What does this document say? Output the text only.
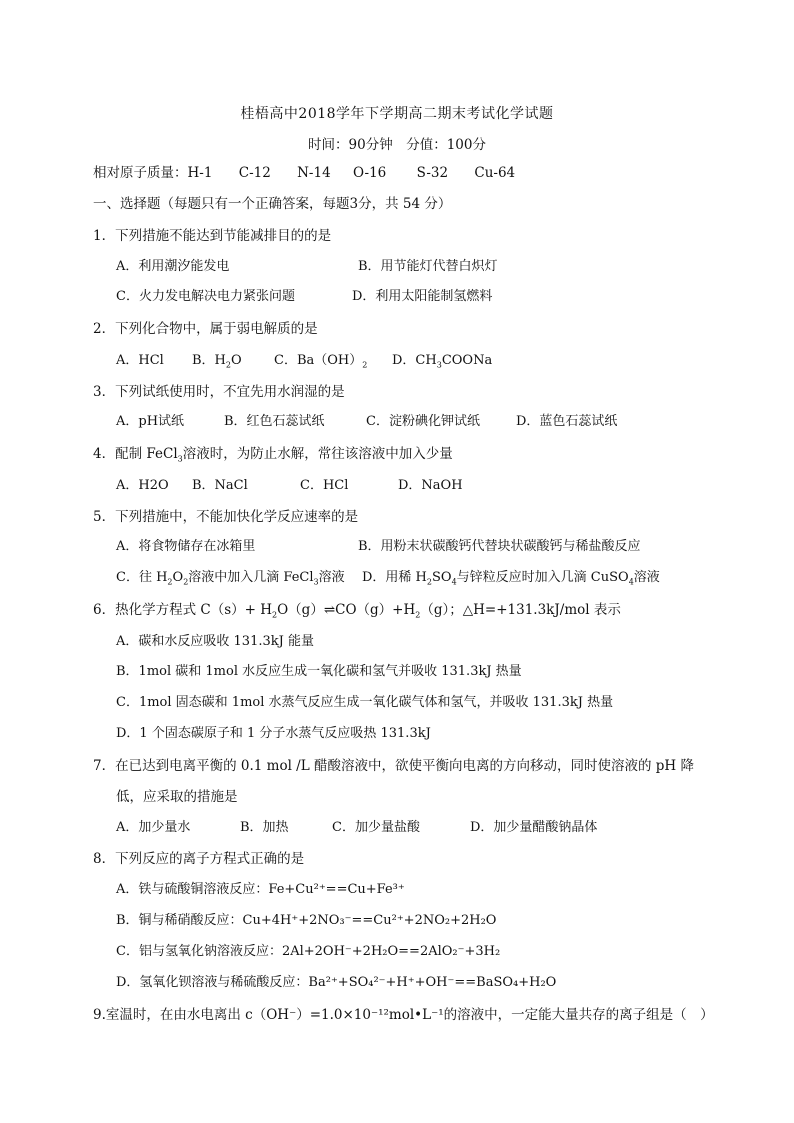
桂梧高中2018学年下学期高二期末考试化学试题
时间：90分钟　分值：100分
相对原子质量：H-1 C-12 N-14 O-16 S-32 Cu-64
一、选择题（每题只有一个正确答案，每题3分，共 54 分）
1．下列措施不能达到节能减排目的的是
A．利用潮汐能发电	B．用节能灯代替白炽灯
C．火力发电解决电力紧张问题	D．利用太阳能制氢燃料
2．下列化合物中，属于弱电解质的是
A．HCl B．$H_2O$ C．$Ba(OH)_2$ D．$CH_3COONa$
3．下列试纸使用时，不宜先用水润湿的是
A．pH试纸	B．红色石蕊试纸	C．淀粉碘化钾试纸	D．蓝色石蕊试纸
4．配制 FeCl$_3$溶液时，为防止水解，常往该溶液中加入少量
A．H2O B．NaCl	C．HCl	D．NaOH
5．下列措施中，不能加快化学反应速率的是
A．将食物储存在冰箱里	B．用粉末状碳酸钙代替块状碳酸钙与稀盐酸反应
C．往 $H_2O_2$溶液中加入几滴 FeCl$_3$溶液 D．用稀 $H_2SO_4$与锌粒反应时加入几滴 CuSO$_4$溶液
6．热化学方程式 $C(s)+ H_2O(g)\rightleftharpoons CO(g)+H_2(g)$；△H=+131.3kJ/mol 表示
A．碳和水反应吸收 131.3kJ 能量
B．1mol 碳和 1mol 水反应生成一氧化碳和氢气并吸收 131.3kJ 热量
C．1mol 固态碳和 1mol 水蒸气反应生成一氧化碳气体和氢气，并吸收 131.3kJ 热量
D．1 个固态碳原子和 1 分子水蒸气反应吸热 131.3kJ
7．在已达到电离平衡的 0.1 mol /L 醋酸溶液中，欲使平衡向电离的方向移动，同时使溶液的 pH 降
低，应采取的措施是
A．加少量水	B．加热	C．加少量盐酸	D．加少量醋酸钠晶体
8．下列反应的离子方程式正确的是
A．铁与硫酸铜溶液反应：Fe+Cu²⁺==Cu+Fe³⁺
B．铜与稀硝酸反应：Cu+4H⁺+2NO₃⁻==Cu²⁺+2NO₂+2H₂O
C．铝与氢氧化钠溶液反应：2Al+2OH⁻+2H₂O==2AlO₂⁻+3H₂
D．氢氧化钡溶液与稀硫酸反应：Ba²⁺+SO₄²⁻+H⁺+OH⁻==BaSO₄+H₂O
9.室温时，在由水电离出 c（OH⁻）=1.0×10⁻¹²mol•L⁻¹的溶液中，一定能大量共存的离子组是（　）
